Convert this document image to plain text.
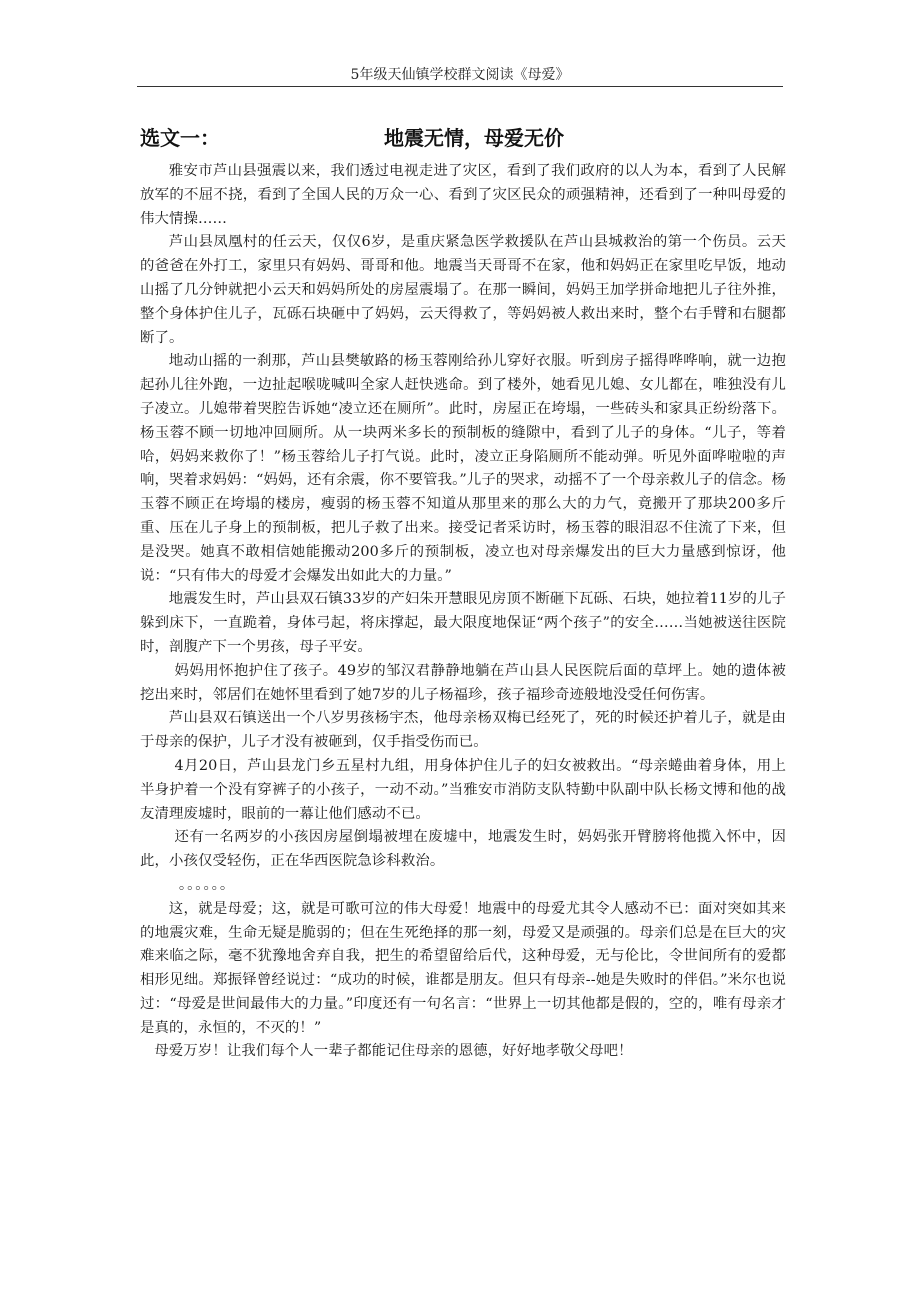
5年级天仙镇学校群文阅读《母爱》
选文一：	地震无情，母爱无价

雅安市芦山县强震以来，我们透过电视走进了灾区，看到了我们政府的以人为本，看到了人民解放军的不屈不挠，看到了全国人民的万众一心、看到了灾区民众的顽强精神，还看到了一种叫母爱的伟大情操……

芦山县凤凰村的任云天，仅仅6岁，是重庆紧急医学救援队在芦山县城救治的第一个伤员。云天的爸爸在外打工，家里只有妈妈、哥哥和他。地震当天哥哥不在家，他和妈妈正在家里吃早饭，地动山摇了几分钟就把小云天和妈妈所处的房屋震塌了。在那一瞬间，妈妈王加学拼命地把儿子往外推，整个身体护住儿子，瓦砾石块砸中了妈妈，云天得救了，等妈妈被人救出来时，整个右手臂和右腿都断了。

地动山摇的一刹那，芦山县樊敏路的杨玉蓉刚给孙儿穿好衣服。听到房子摇得哗哗响，就一边抱起孙儿往外跑，一边扯起喉咙喊叫全家人赶快逃命。到了楼外，她看见儿媳、女儿都在，唯独没有儿子凌立。儿媳带着哭腔告诉她“凌立还在厕所”。此时，房屋正在垮塌，一些砖头和家具正纷纷落下。杨玉蓉不顾一切地冲回厕所。从一块两米多长的预制板的缝隙中，看到了儿子的身体。“儿子，等着哈，妈妈来救你了！”杨玉蓉给儿子打气说。此时，凌立正身陷厕所不能动弹。听见外面哗啦啦的声响，哭着求妈妈：“妈妈，还有余震，你不要管我。”儿子的哭求，动摇不了一个母亲救儿子的信念。杨玉蓉不顾正在垮塌的楼房，瘦弱的杨玉蓉不知道从那里来的那么大的力气，竟搬开了那块200多斤重、压在儿子身上的预制板，把儿子救了出来。接受记者采访时，杨玉蓉的眼泪忍不住流了下来，但是没哭。她真不敢相信她能搬动200多斤的预制板，凌立也对母亲爆发出的巨大力量感到惊讶，他说：“只有伟大的母爱才会爆发出如此大的力量。”

地震发生时，芦山县双石镇33岁的产妇朱开慧眼见房顶不断砸下瓦砾、石块，她拉着11岁的儿子躲到床下，一直跪着，身体弓起，将床撑起，最大限度地保证“两个孩子”的安全……当她被送往医院时，剖腹产下一个男孩，母子平安。

妈妈用怀抱护住了孩子。49岁的邹汉君静静地躺在芦山县人民医院后面的草坪上。她的遗体被挖出来时，邻居们在她怀里看到了她7岁的儿子杨福珍，孩子福珍奇迹般地没受任何伤害。

芦山县双石镇送出一个八岁男孩杨宇杰，他母亲杨双梅已经死了，死的时候还护着儿子，就是由于母亲的保护，儿子才没有被砸到，仅手指受伤而已。

4月20日，芦山县龙门乡五星村九组，用身体护住儿子的妇女被救出。“母亲蜷曲着身体，用上半身护着一个没有穿裤子的小孩子，一动不动。”当雅安市消防支队特勤中队副中队长杨文博和他的战友清理废墟时，眼前的一幕让他们感动不已。

还有一名两岁的小孩因房屋倒塌被埋在废墟中，地震发生时，妈妈张开臂膀将他揽入怀中，因此，小孩仅受轻伤，正在华西医院急诊科救治。

。。。。。。

这，就是母爱；这，就是可歌可泣的伟大母爱！地震中的母爱尤其令人感动不已：面对突如其来的地震灾难，生命无疑是脆弱的；但在生死绝择的那一刻，母爱又是顽强的。母亲们总是在巨大的灾难来临之际，毫不犹豫地舍弃自我，把生的希望留给后代，这种母爱，无与伦比，令世间所有的爱都相形见绌。郑振铎曾经说过：“成功的时候，谁都是朋友。但只有母亲--她是失败时的伴侣。”米尔也说过：“母爱是世间最伟大的力量。”印度还有一句名言：“世界上一切其他都是假的，空的，唯有母亲才是真的，永恒的，不灭的！”

母爱万岁！让我们每个人一辈子都能记住母亲的恩德，好好地孝敬父母吧！
